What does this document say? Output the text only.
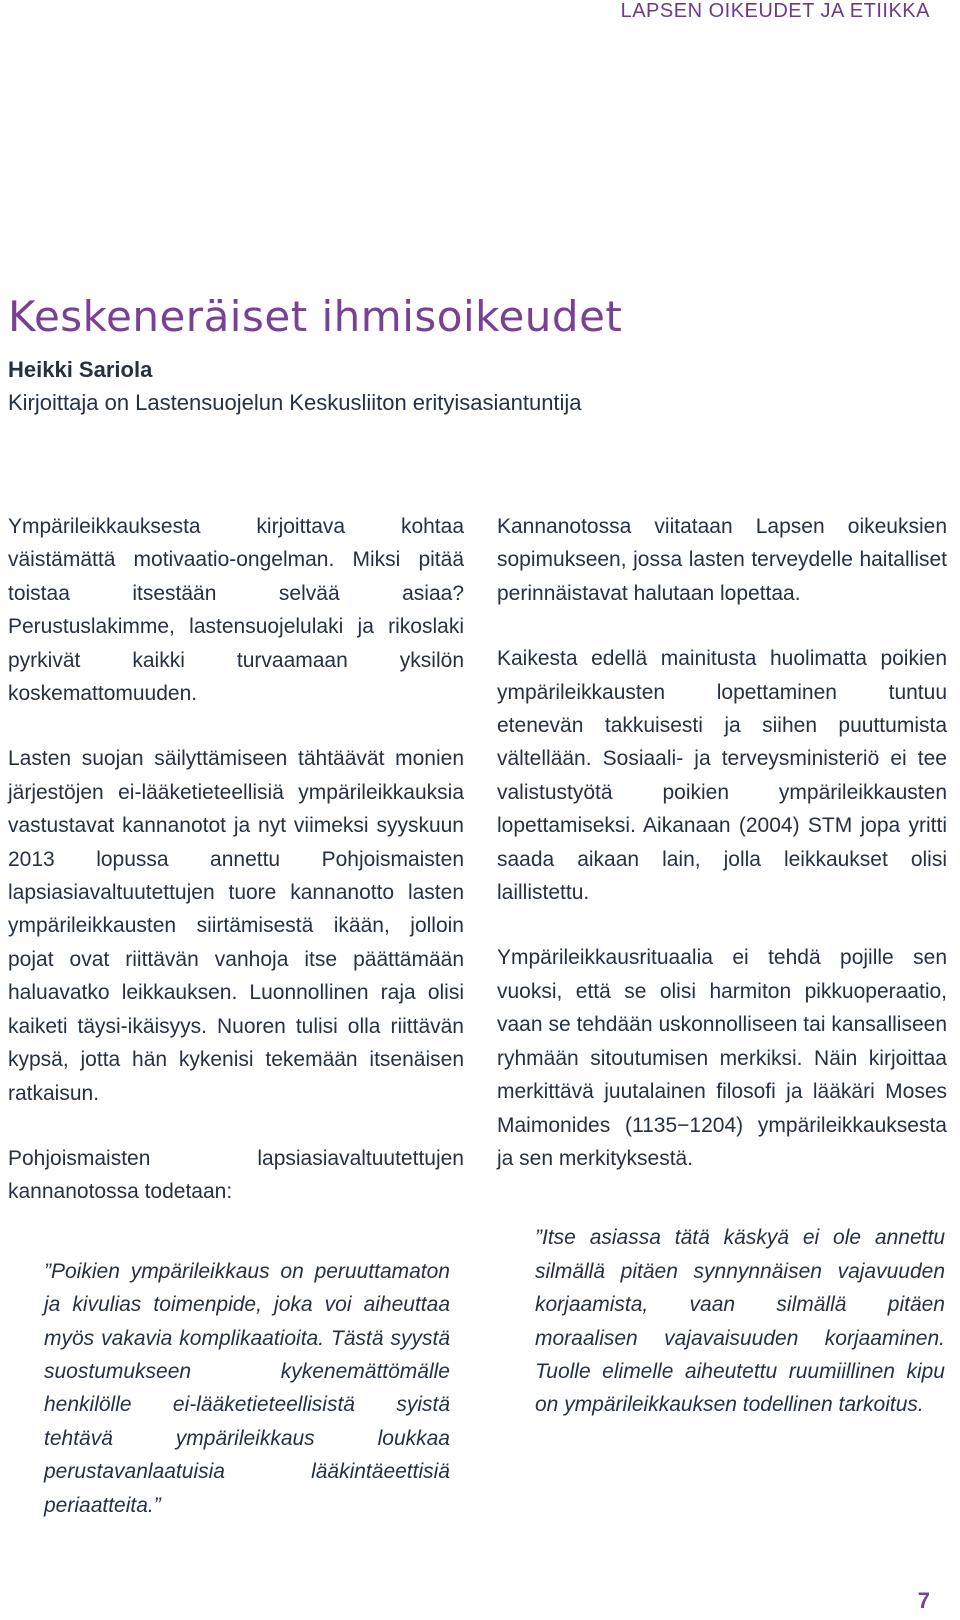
LAPSEN OIKEUDET JA ETIIKKA
Keskeneräiset ihmisoikeudet
Heikki Sariola
Kirjoittaja on Lastensuojelun Keskusliiton erityisasiantuntija

Ympärileikkauksesta kirjoittava kohtaa väistämättä motivaatio-ongelman. Miksi pitää toistaa itsestään selvää asiaa? Perustuslakimme, lastensuojelulaki ja rikoslaki pyrkivät kaikki turvaamaan yksilön koskemattomuuden.

Lasten suojan säilyttämiseen tähtäävät monien järjestöjen ei-lääketieteellisiä ympärileikkauksia vastustavat kannanotot ja nyt viimeksi syyskuun 2013 lopussa annettu Pohjoismaisten lapsiasiavaltuutettujen tuore kannanotto lasten ympärileikkausten siirtämisestä ikään, jolloin pojat ovat riittävän vanhoja itse päättämään haluavatko leikkauksen. Luonnollinen raja olisi kaiketi täysi-ikäisyys. Nuoren tulisi olla riittävän kypsä, jotta hän kykenisi tekemään itsenäisen ratkaisun.

Pohjoismaisten lapsiasiavaltuutettujen kannanotossa todetaan:

”Poikien ympärileikkaus on peruuttamaton ja kivulias toimenpide, joka voi aiheuttaa myös vakavia komplikaatioita. Tästä syystä suostumukseen kykenemättömälle henkilölle ei-lääketieteellisistä syistä tehtävä ympärileikkaus loukkaa perustavanlaatuisia lääkintäeettisiä periaatteita.”

Kannanotossa viitataan Lapsen oikeuksien sopimukseen, jossa lasten terveydelle haitalliset perinnäistavat halutaan lopettaa.

Kaikesta edellä mainitusta huolimatta poikien ympärileikkausten lopettaminen tuntuu etenevän takkuisesti ja siihen puuttumista vältellään. Sosiaali- ja terveysministeriö ei tee valistustyötä poikien ympärileikkausten lopettamiseksi. Aikanaan (2004) STM jopa yritti saada aikaan lain, jolla leikkaukset olisi laillistettu.

Ympärileikkausrituaalia ei tehdä pojille sen vuoksi, että se olisi harmiton pikkuoperaatio, vaan se tehdään uskonnolliseen tai kansalliseen ryhmään sitoutumisen merkiksi. Näin kirjoittaa merkittävä juutalainen filosofi ja lääkäri Moses Maimonides (1135−1204) ympärileikkauksesta ja sen merkityksestä.

”Itse asiassa tätä käskyä ei ole annettu silmällä pitäen synnynnäisen vajavuuden korjaamista, vaan silmällä pitäen moraalisen vajavaisuuden korjaaminen. Tuolle elimelle aiheutettu ruumiillinen kipu on ympärileikkauksen todellinen tarkoitus.

7
